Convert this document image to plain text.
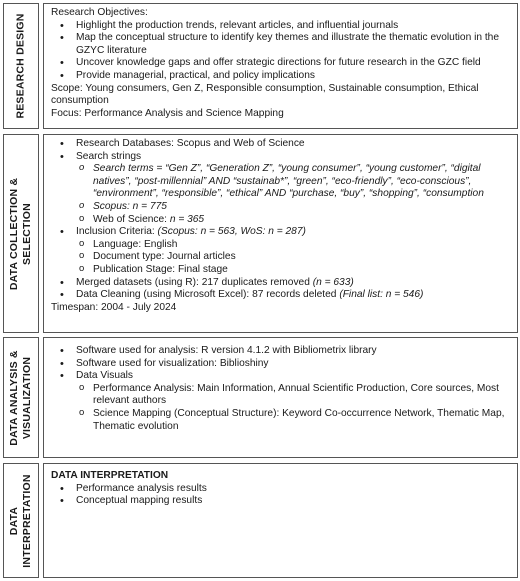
RESEARCH DESIGN

Research Objectives:

• Highlight the production trends, relevant articles, and influential journals
• Map the conceptual structure to identify key themes and illustrate the thematic evolution in the GZYC literature
• Uncover knowledge gaps and offer strategic directions for future research in the GZC field
• Provide managerial, practical, and policy implications

Scope: Young consumers, Gen Z, Responsible consumption, Sustainable consumption, Ethical consumption

Focus: Performance Analysis and Science Mapping

DATA COLLECTION &
SELECTION
• Research Databases: Scopus and Web of Science
• Search strings
o Search terms = “Gen Z”, “Generation Z”, “young consumer”, “young customer”, “digital natives”, “post-millennial” AND “sustainab*”, “green”, “eco-friendly”, “eco-conscious”, “environment”, “responsible”, “ethical” AND “purchase, “buy”, “shopping”, “consumption
o Scopus: n = 775
o Web of Science: n = 365
• Inclusion Criteria: (Scopus: n = 563, WoS: n = 287)
o Language: English
o Document type: Journal articles
o Publication Stage: Final stage
• Merged datasets (using R): 217 duplicates removed (n = 633)
• Data Cleaning (using Microsoft Excel): 87 records deleted (Final list: n = 546)

Timespan: 2004 - July 2024

DATA ANALYSIS &
VISUALIZATION
• Software used for analysis: R version 4.1.2 with Bibliometrix library
• Software used for visualization: Biblioshiny
• Data Visuals
o Performance Analysis: Main Information, Annual Scientific Production, Core sources, Most relevant authors
o Science Mapping (Conceptual Structure): Keyword Co-occurrence Network, Thematic Map, Thematic evolution
DATA
INTERPRETATION DATA INTERPRETATION

• Performance analysis results
• Conceptual mapping results
